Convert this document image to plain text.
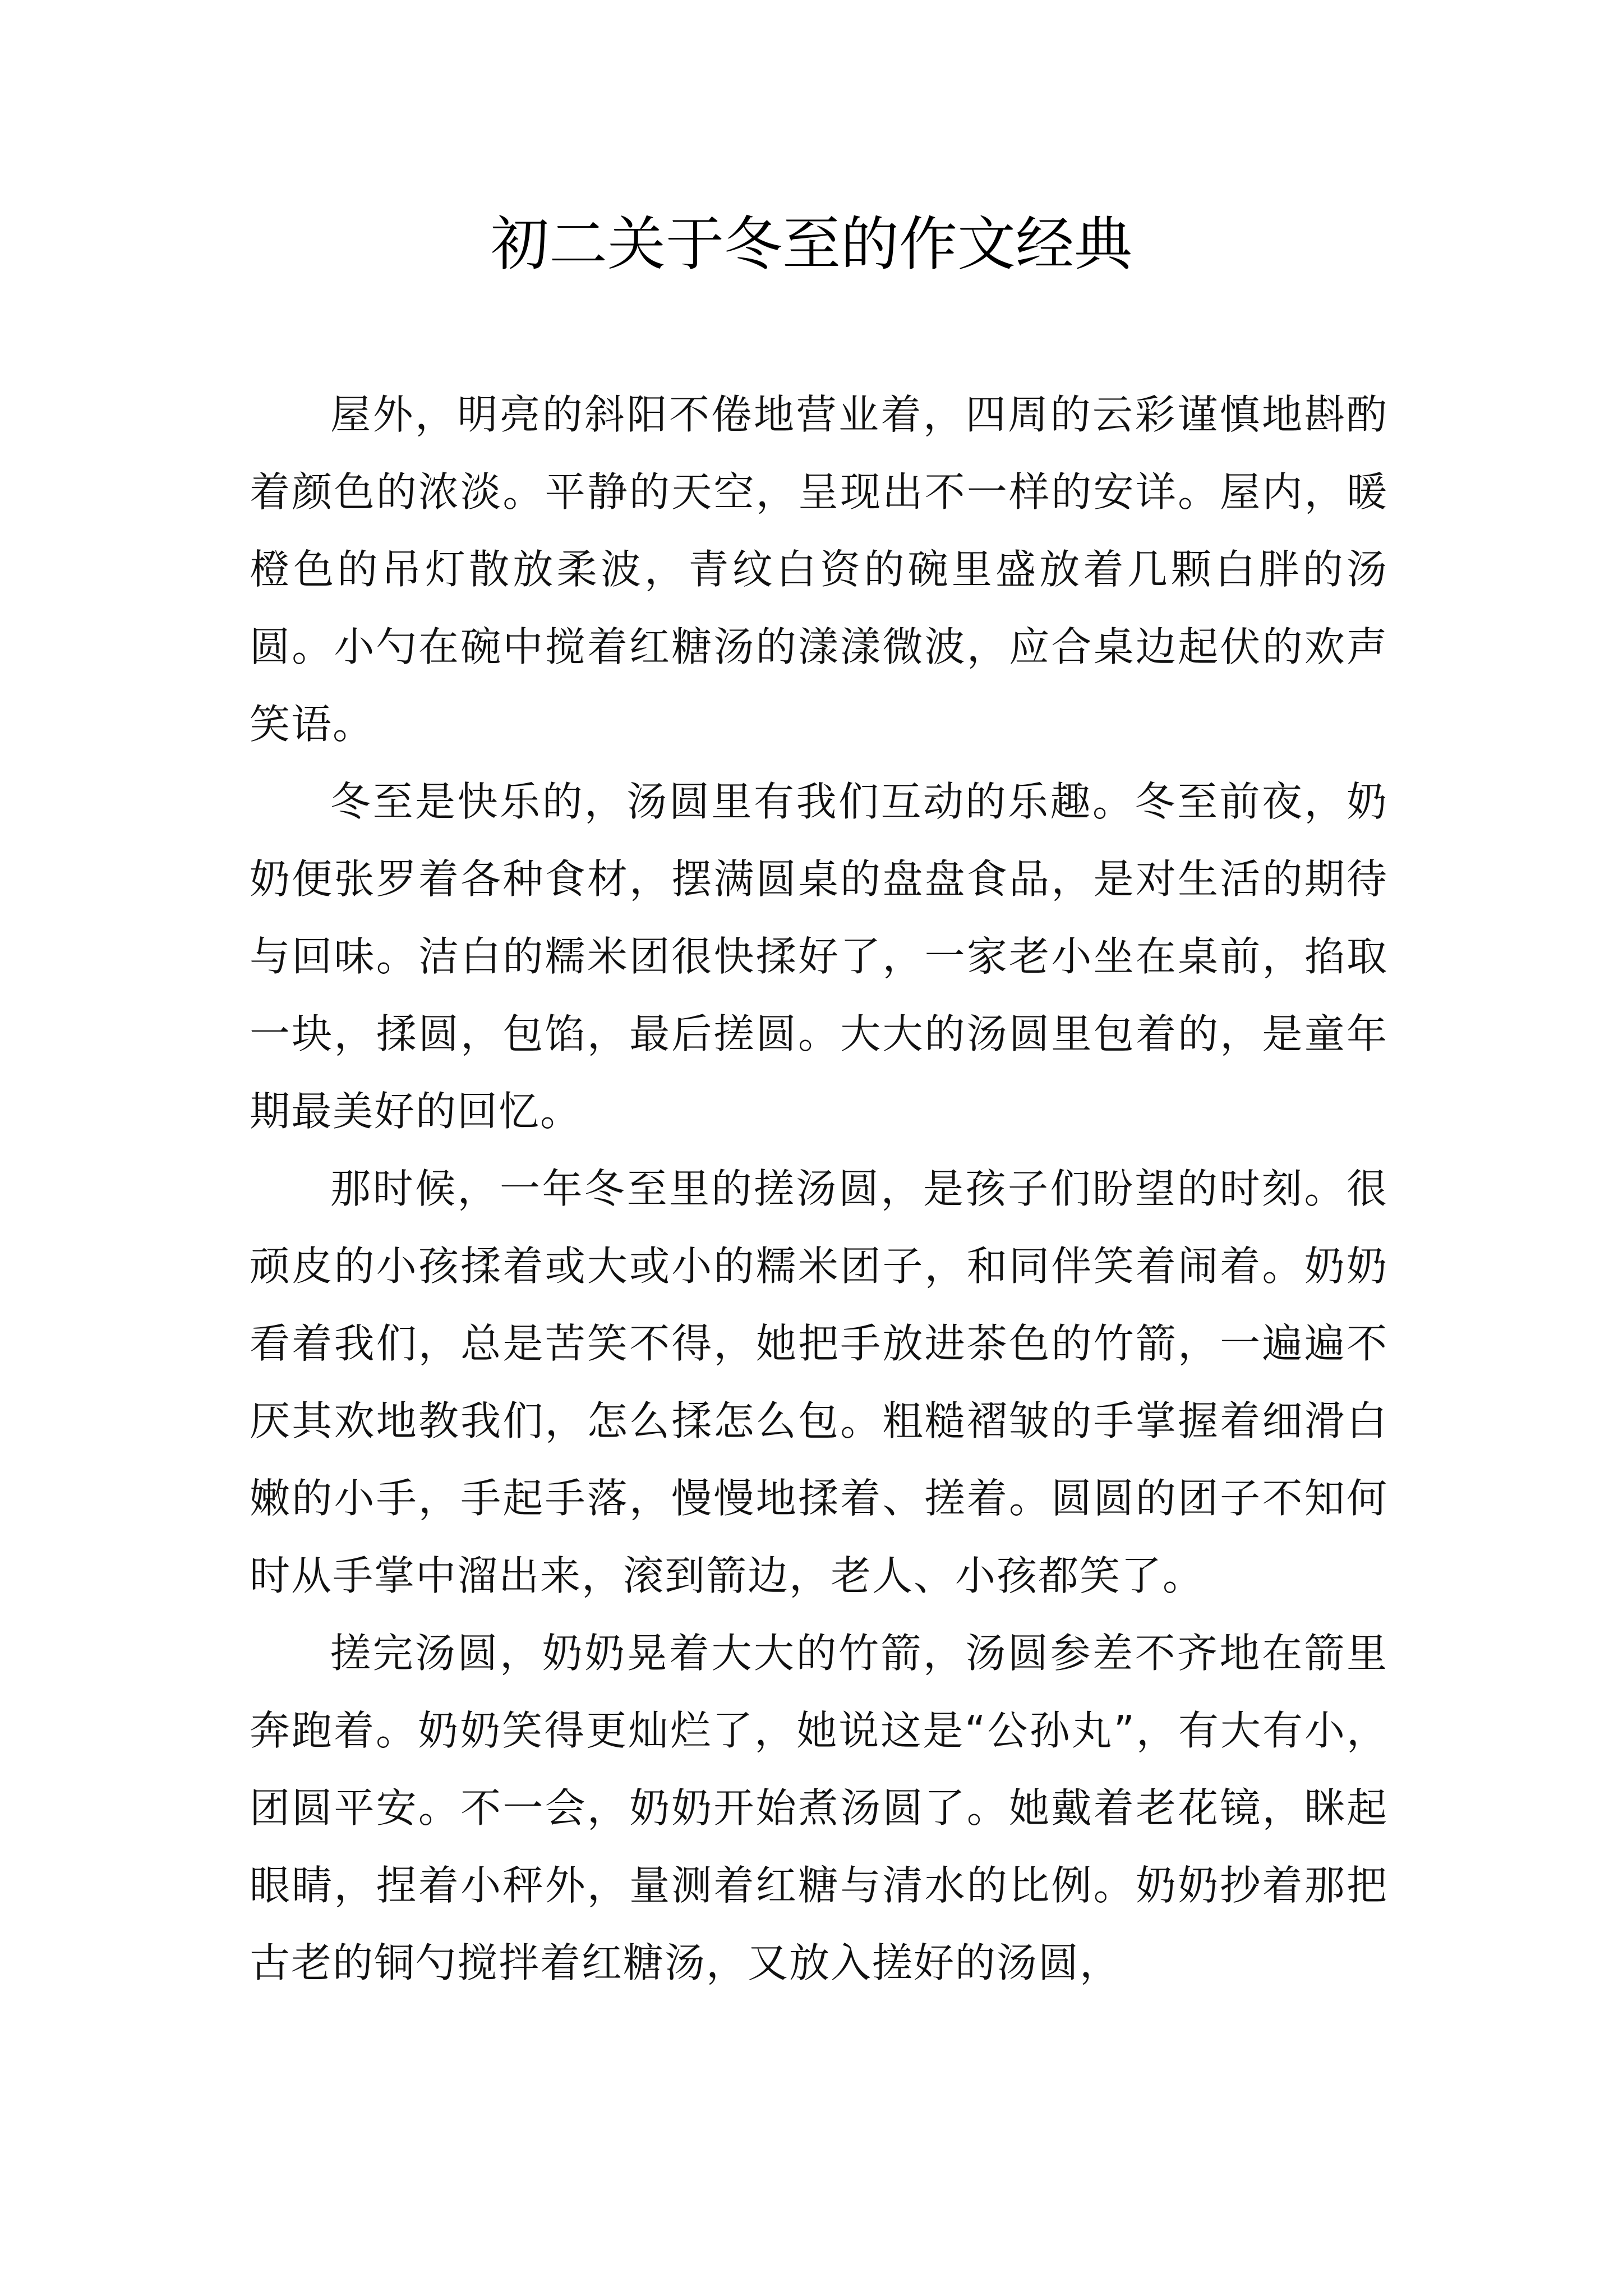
初二关于冬至的作文经典

屋外，明亮的斜阳不倦地营业着，四周的云彩谨慎地斟酌着颜色的浓淡。平静的天空，呈现出不一样的安详。屋内，暖橙色的吊灯散放柔波，青纹白资的碗里盛放着几颗白胖的汤圆。小勺在碗中搅着红糖汤的漾漾微波，应合桌边起伏的欢声笑语。

冬至是快乐的，汤圆里有我们互动的乐趣。冬至前夜，奶奶便张罗着各种食材，摆满圆桌的盘盘食品，是对生活的期待与回味。洁白的糯米团很快揉好了，一家老小坐在桌前，掐取一块，揉圆，包馅，最后搓圆。大大的汤圆里包着的，是童年期最美好的回忆。

那时候，一年冬至里的搓汤圆，是孩子们盼望的时刻。很顽皮的小孩揉着或大或小的糯米团子，和同伴笑着闹着。奶奶看着我们，总是苦笑不得，她把手放进茶色的竹箭，一遍遍不厌其欢地教我们，怎么揉怎么包。粗糙褶皱的手掌握着细滑白嫩的小手，手起手落，慢慢地揉着、搓着。圆圆的团子不知何时从手掌中溜出来，滚到箭边，老人、小孩都笑了。

搓完汤圆，奶奶晃着大大的竹箭，汤圆参差不齐地在箭里奔跑着。奶奶笑得更灿烂了，她说这是“公孙丸”，有大有小，团圆平安。不一会，奶奶开始煮汤圆了。她戴着老花镜，眯起眼睛，捏着小秤外，量测着红糖与清水的比例。奶奶抄着那把古老的铜勺搅拌着红糖汤，又放入搓好的汤圆，
